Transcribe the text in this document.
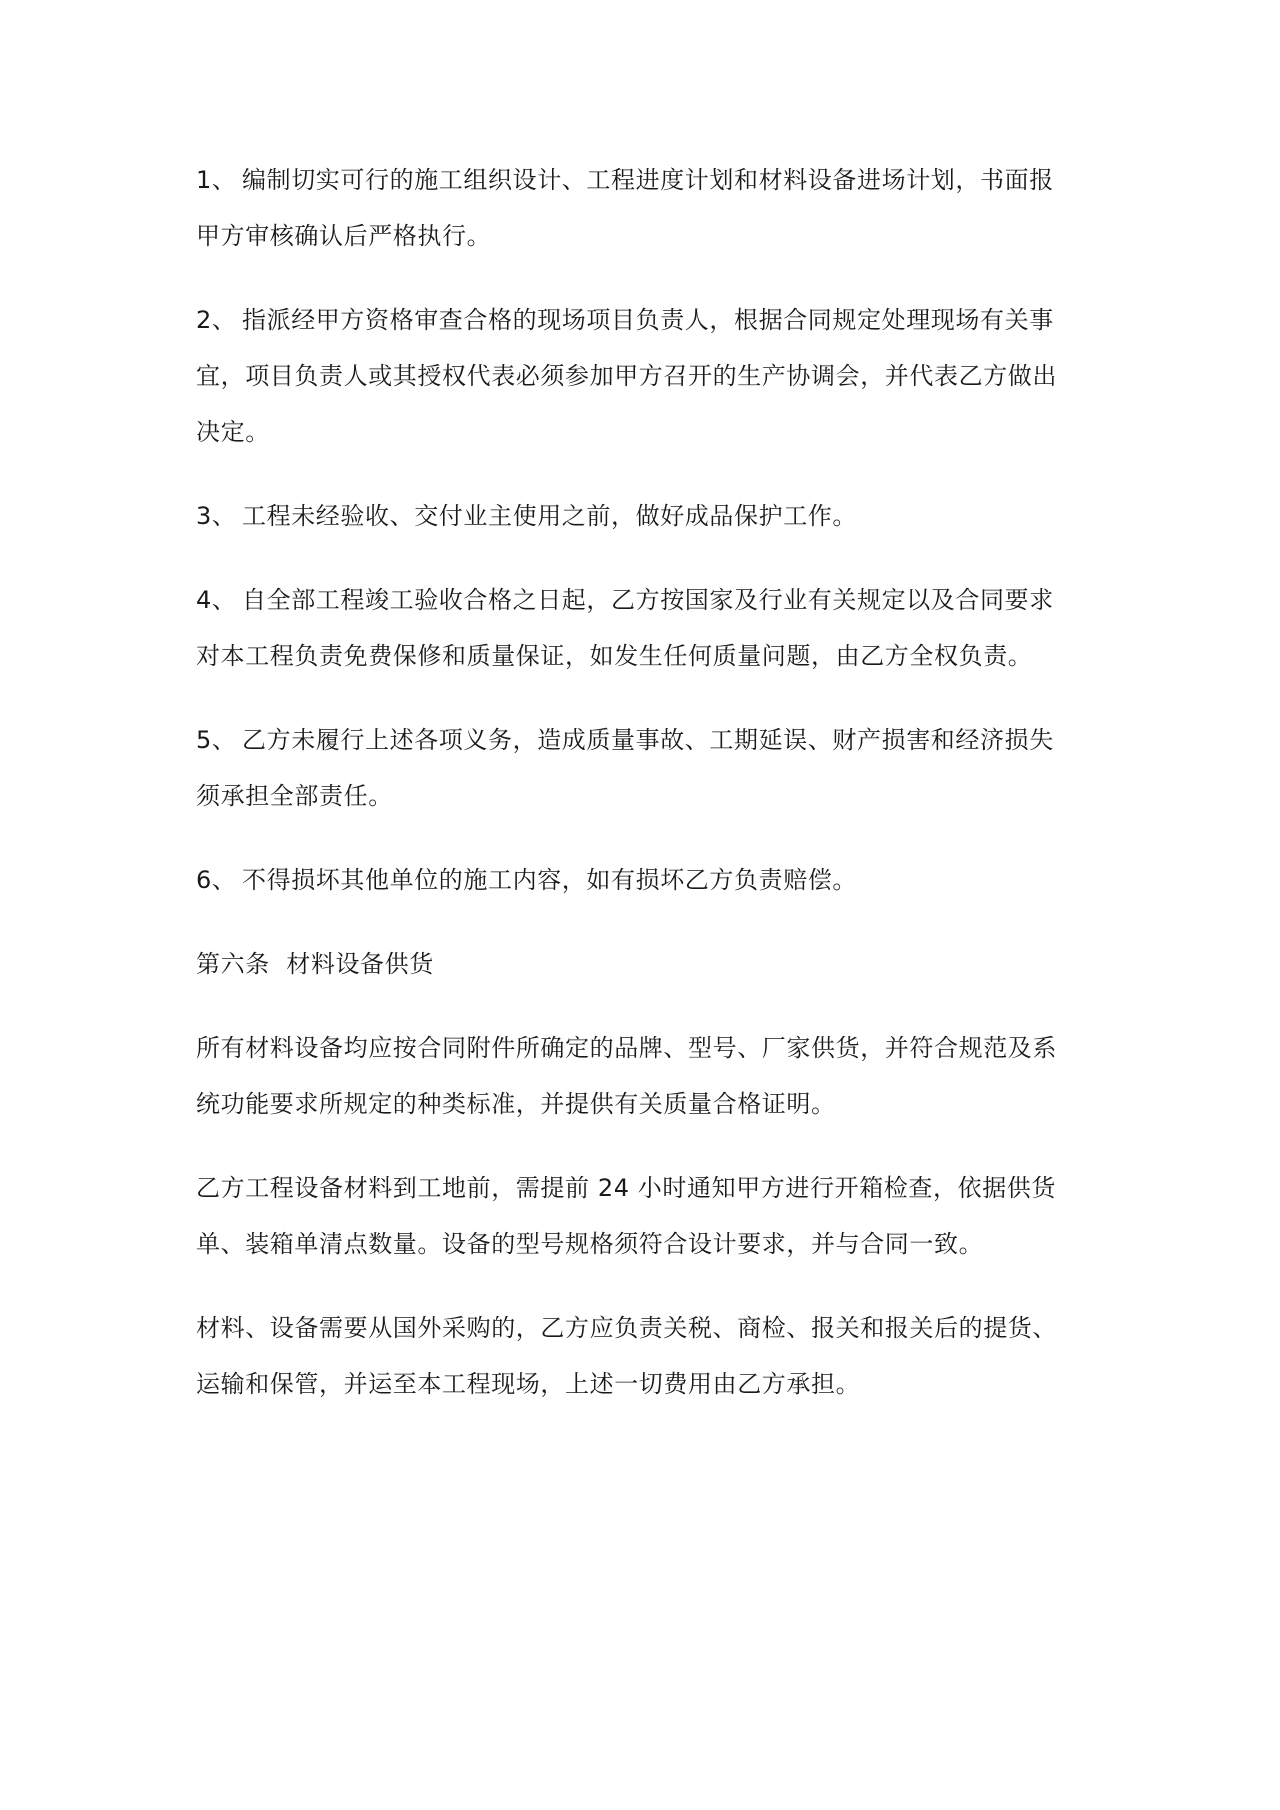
1、 编制切实可行的施工组织设计、工程进度计划和材料设备进场计划，书面报
甲方审核确认后严格执行。
2、 指派经甲方资格审查合格的现场项目负责人，根据合同规定处理现场有关事
宜，项目负责人或其授权代表必须参加甲方召开的生产协调会，并代表乙方做出
决定。
3、 工程未经验收、交付业主使用之前，做好成品保护工作。
4、 自全部工程竣工验收合格之日起，乙方按国家及行业有关规定以及合同要求
对本工程负责免费保修和质量保证，如发生任何质量问题，由乙方全权负责。
5、 乙方未履行上述各项义务，造成质量事故、工期延误、财产损害和经济损失
须承担全部责任。
6、 不得损坏其他单位的施工内容，如有损坏乙方负责赔偿。
第六条  材料设备供货
所有材料设备均应按合同附件所确定的品牌、型号、厂家供货，并符合规范及系
统功能要求所规定的种类标准，并提供有关质量合格证明。
乙方工程设备材料到工地前，需提前 24 小时通知甲方进行开箱检查，依据供货
单、装箱单清点数量。设备的型号规格须符合设计要求，并与合同一致。
材料、设备需要从国外采购的，乙方应负责关税、商检、报关和报关后的提货、
运输和保管，并运至本工程现场，上述一切费用由乙方承担。
